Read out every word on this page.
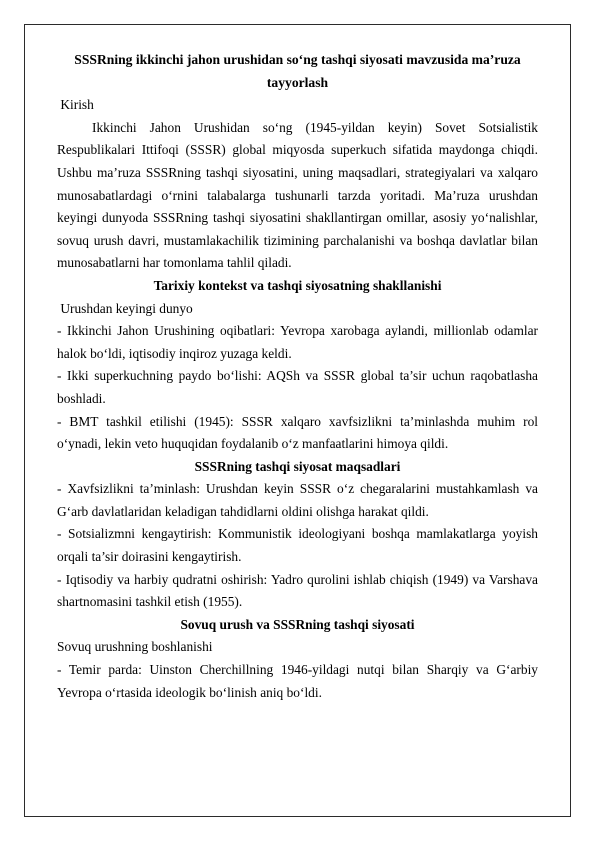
SSSRning ikkinchi jahon urushidan so‘ng tashqi siyosati mavzusida ma’ruza tayyorlash

Kirish

Ikkinchi Jahon Urushidan so‘ng (1945-yildan keyin) Sovet Sotsialistik Respublikalari Ittifoqi (SSSR) global miqyosda superkuch sifatida maydonga chiqdi. Ushbu ma’ruza SSSRning tashqi siyosatini, uning maqsadlari, strategiyalari va xalqaro munosabatlardagi o‘rnini talabalarga tushunarli tarzda yoritadi. Ma’ruza urushdan keyingi dunyoda SSSRning tashqi siyosatini shakllantirgan omillar, asosiy yo‘nalishlar, sovuq urush davri, mustamlakachilik tizimining parchalanishi va boshqa davlatlar bilan munosabatlarni har tomonlama tahlil qiladi.

Tarixiy kontekst va tashqi siyosatning shakllanishi

Urushdan keyingi dunyo

- Ikkinchi Jahon Urushining oqibatlari: Yevropa xarobaga aylandi, millionlab odamlar halok bo‘ldi, iqtisodiy inqiroz yuzaga keldi.

- Ikki superkuchning paydo bo‘lishi: AQSh va SSSR global ta’sir uchun raqobatlasha boshladi.

- BMT tashkil etilishi (1945): SSSR xalqaro xavfsizlikni ta’minlashda muhim rol o‘ynadi, lekin veto huquqidan foydalanib o‘z manfaatlarini himoya qildi.

SSSRning tashqi siyosat maqsadlari

- Xavfsizlikni ta’minlash: Urushdan keyin SSSR o‘z chegaralarini mustahkamlash va G‘arb davlatlaridan keladigan tahdidlarni oldini olishga harakat qildi.

- Sotsializmni kengaytirish: Kommunistik ideologiyani boshqa mamlakatlarga yoyish orqali ta’sir doirasini kengaytirish.

- Iqtisodiy va harbiy qudratni oshirish: Yadro qurolini ishlab chiqish (1949) va Varshava shartnomasini tashkil etish (1955).

Sovuq urush va SSSRning tashqi siyosati

Sovuq urushning boshlanishi

- Temir parda: Uinston Cherchillning 1946-yildagi nutqi bilan Sharqiy va G‘arbiy Yevropa o‘rtasida ideologik bo‘linish aniq bo‘ldi.
